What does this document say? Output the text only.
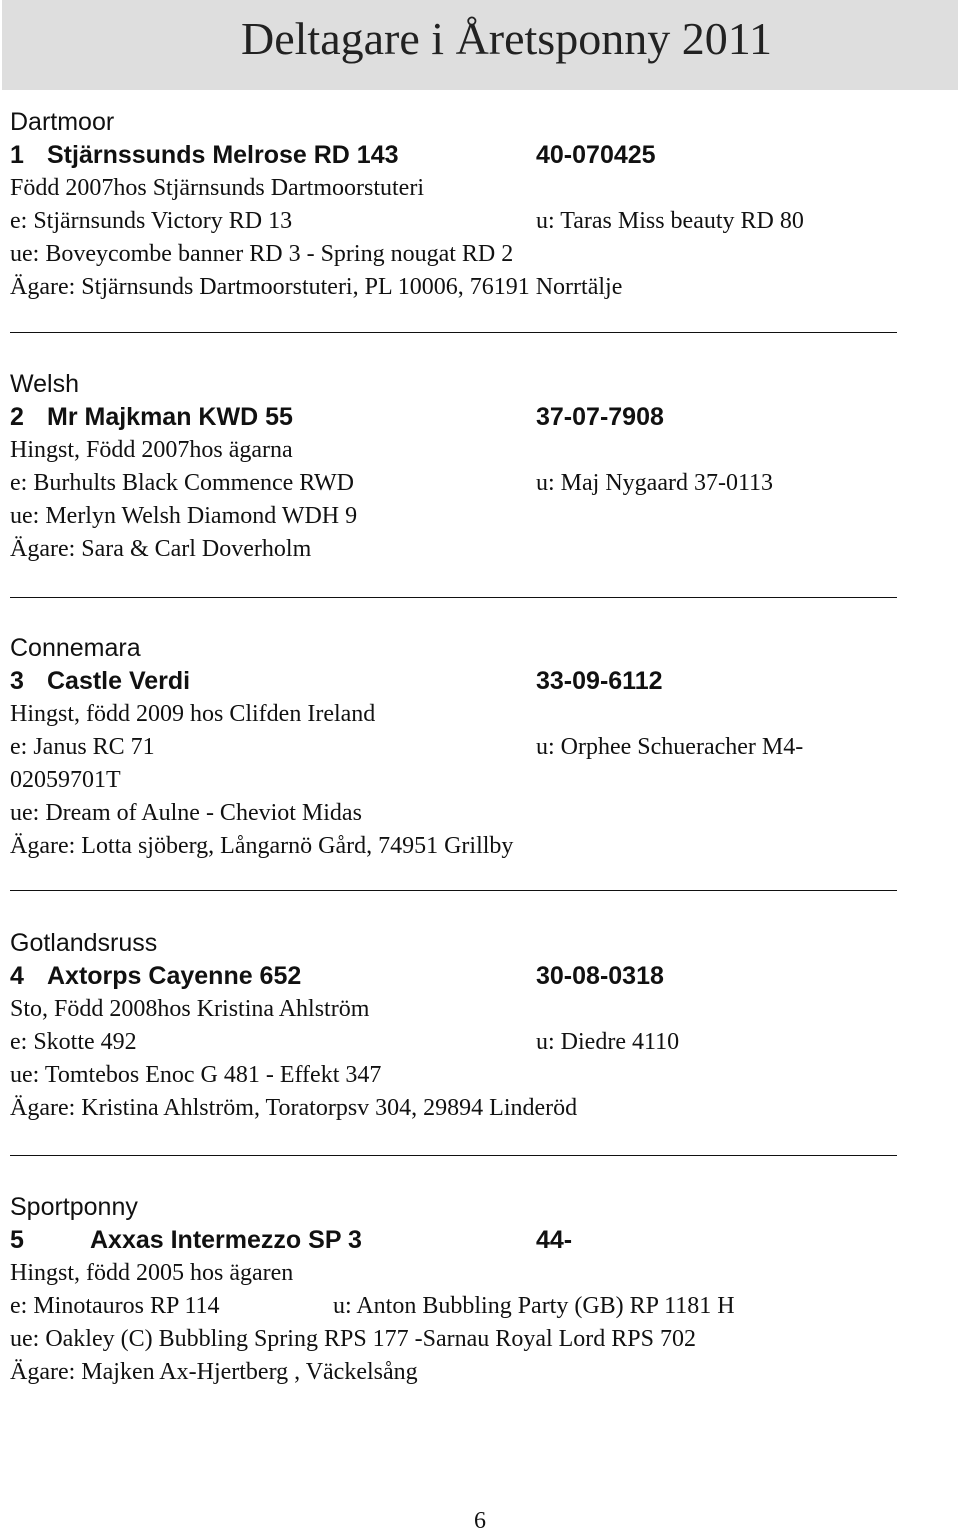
Deltagare i Åretsponny 2011
Dartmoor
1 Stjärnssunds Melrose RD 143	40-070425
Född 2007hos Stjärnsunds Dartmoorstuteri
e: Stjärnsunds Victory RD 13	u: Taras Miss beauty RD 80
ue: Boveycombe banner RD 3 - Spring nougat RD 2
Ägare: Stjärnsunds Dartmoorstuteri, PL 10006, 76191 Norrtälje
Welsh
2 Mr Majkman KWD 55	37-07-7908
Hingst, Född 2007hos ägarna
e: Burhults Black Commence RWD	u: Maj Nygaard 37-0113
ue: Merlyn Welsh Diamond WDH 9
Ägare: Sara & Carl Doverholm
Connemara
3 Castle Verdi	33-09-6112
Hingst, född 2009 hos Clifden Ireland
e: Janus RC 71	u: Orphee Schueracher M4-
02059701T
ue: Dream of Aulne - Cheviot Midas
Ägare: Lotta sjöberg, Långarnö Gård, 74951 Grillby
Gotlandsruss
4 Axtorps Cayenne 652	30-08-0318
Sto, Född 2008hos Kristina Ahlström
e: Skotte 492	u: Diedre 4110
ue: Tomtebos Enoc G 481 - Effekt 347
Ägare: Kristina Ahlström, Toratorpsv 304, 29894 Linderöd
Sportponny
5	Axxas Intermezzo SP 3	44-
Hingst, född 2005 hos ägaren
e: Minotauros RP 114	u: Anton Bubbling Party (GB) RP 1181 H
ue: Oakley (C) Bubbling Spring RPS 177 -Sarnau Royal Lord RPS 702
Ägare: Majken Ax-Hjertberg , Väckelsång
6
